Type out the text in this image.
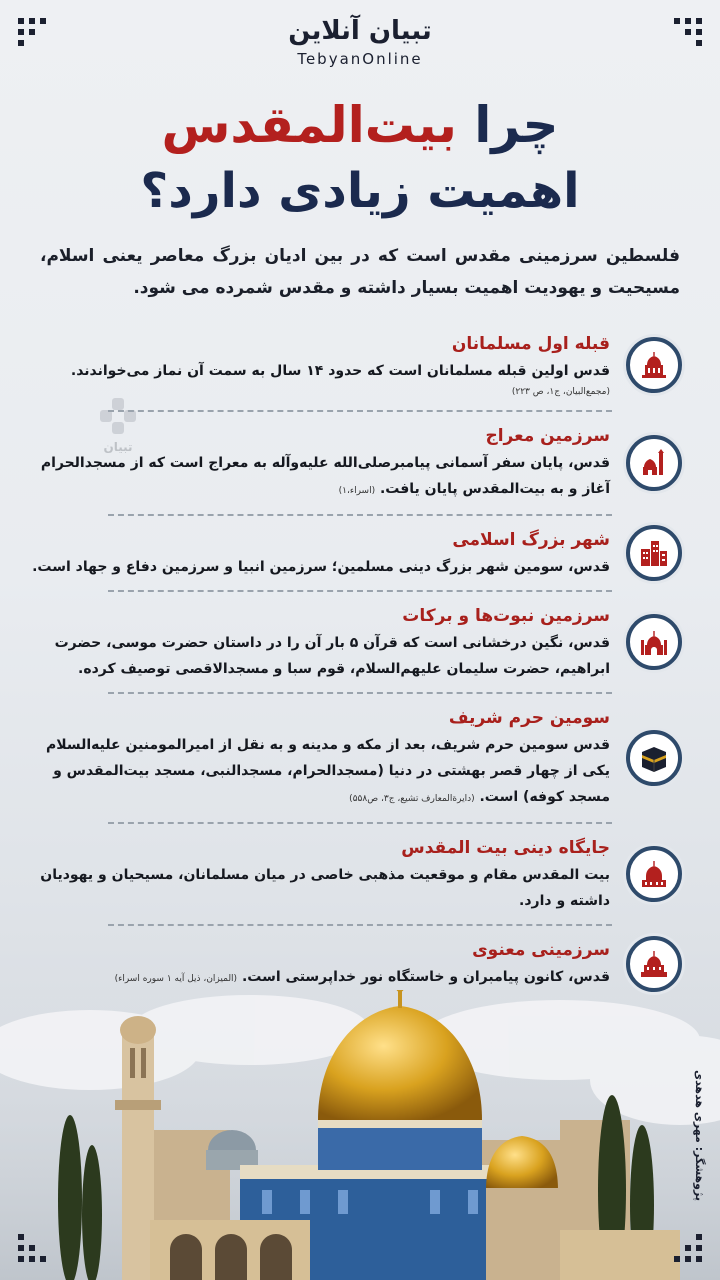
تبیان آنلاین
TebyanOnline
چرا بیت‌المقدس
اهمیت زیادی دارد؟
فلسطین سرزمینی مقدس است که در بین ادیان بزرگ معاصر یعنی اسلام، مسیحیت و یهودیت اهمیت بسیار داشته و مقدس شمرده می شود.
تبیان
قبله اول مسلمانان

قدس اولین قبله مسلمانان است که حدود ۱۴ سال به سمت آن نماز می‌خواندند.

(مجمع‌البیان، ج۱، ص ۲۲۳)
سرزمین معراج

قدس، پایان سفر آسمانی پیامبرصلی‌الله علیه‌وآله به معراج است که از مسجدالحرام آغاز و به بیت‌المقدس پایان یافت. (اسراء،۱)

شهر بزرگ اسلامی

قدس، سومین شهر بزرگ دینی مسلمین؛ سرزمین انبیا و سرزمین دفاع و جهاد است.

سرزمین نبوت‌ها و برکات

قدس، نگین درخشانی است که قرآن ۵ بار آن را در داستان حضرت موسی، حضرت ابراهیم، حضرت سلیمان علیهم‌السلام، قوم سبا و مسجدالاقصی توصیف کرده.

سومین حرم شریف

قدس سومین حرم شریف، بعد از مکه و مدینه و به نقل از امیرالمومنین علیه‌السلام یکی از چهار قصر بهشتی در دنیا (مسجدالحرام، مسجدالنبی، مسجد بیت‌المقدس و مسجد کوفه) است. (دایرة‌المعارف تشیع، ج۳، ص۵۵۸)

جایگاه دینی بیت المقدس

بیت المقدس مقام و موقعیت مذهبی خاصی در میان مسلمانان، مسیحیان و یهودیان داشته و دارد.

سرزمینی معنوی

قدس، کانون پیامبران و خاستگاه نور خداپرستی است. (المیزان، ذیل آیه ۱ سوره اسراء)

پژوهشگر: مهری هدهدی
